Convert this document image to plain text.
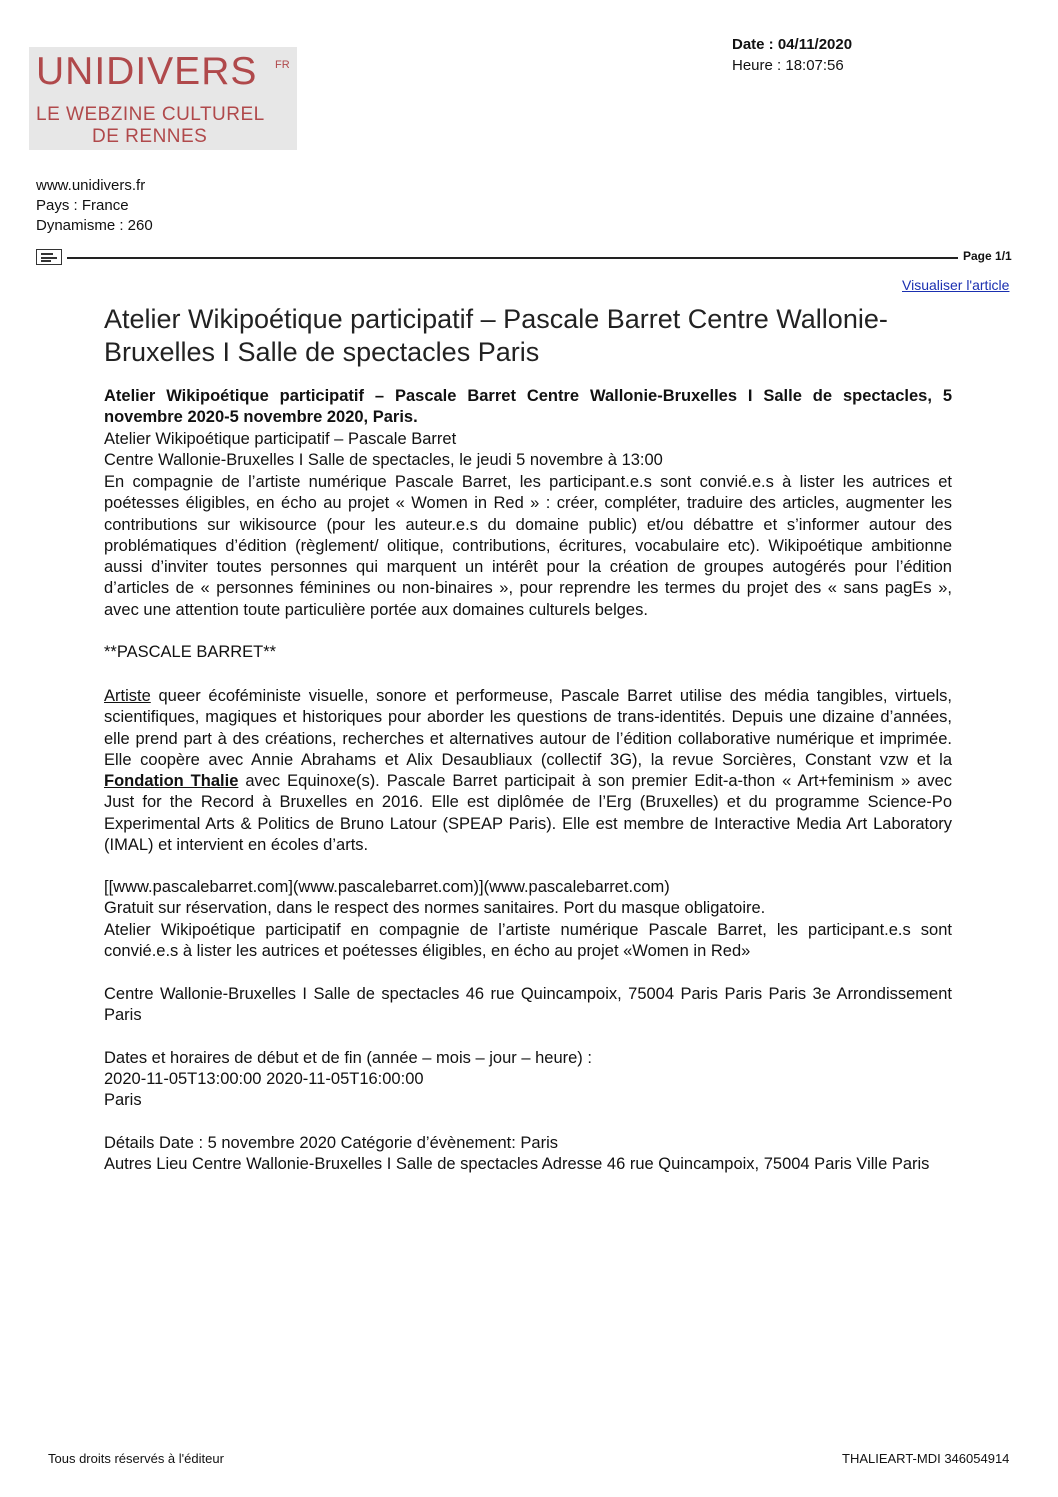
UNIDIVERS FR
LE WEBZINE CULTUREL
DE RENNES
Date : 04/11/2020
Heure : 18:07:56
www.unidivers.fr
Pays : France
Dynamisme : 260
Page 1/1
Visualiser l'article
Atelier Wikipoétique participatif – Pascale Barret Centre Wallonie-Bruxelles I Salle de spectacles Paris
Atelier Wikipoétique participatif – Pascale Barret Centre Wallonie-Bruxelles I Salle de spectacles, 5 novembre 2020-5 novembre 2020, Paris.
Atelier Wikipoétique participatif – Pascale Barret
Centre Wallonie-Bruxelles I Salle de spectacles, le jeudi 5 novembre à 13:00
En compagnie de l’artiste numérique Pascale Barret, les participant.e.s sont convié.e.s à lister les autrices et poétesses éligibles, en écho au projet « Women in Red » : créer, compléter, traduire des articles, augmenter les contributions sur wikisource (pour les auteur.e.s du domaine public) et/ou débattre et s’informer autour des problématiques d’édition (règlement/ olitique, contributions, écritures, vocabulaire etc). Wikipoétique ambitionne aussi d’inviter toutes personnes qui marquent un intérêt pour la création de groupes autogérés pour l’édition d’articles de « personnes féminines ou non-binaires », pour reprendre les termes du projet des « sans pagEs », avec une attention toute particulière portée aux domaines culturels belges.
**PASCALE BARRET**
Artiste queer écoféministe visuelle, sonore et performeuse, Pascale Barret utilise des média tangibles, virtuels, scientifiques, magiques et historiques pour aborder les questions de trans-identités. Depuis une dizaine d’années, elle prend part à des créations, recherches et alternatives autour de l’édition collaborative numérique et imprimée. Elle coopère avec Annie Abrahams et Alix Desaubliaux (collectif 3G), la revue Sorcières, Constant vzw et la Fondation Thalie avec Equinoxe(s). Pascale Barret participait à son premier Edit-a-thon « Art+feminism » avec Just for the Record à Bruxelles en 2016. Elle est diplômée de l’Erg (Bruxelles) et du programme Science-Po Experimental Arts & Politics de Bruno Latour (SPEAP Paris). Elle est membre de Interactive Media Art Laboratory (IMAL) et intervient en écoles d’arts.
[[www.pascalebarret.com](www.pascalebarret.com)](www.pascalebarret.com)
Gratuit sur réservation, dans le respect des normes sanitaires. Port du masque obligatoire.
Atelier Wikipoétique participatif en compagnie de l’artiste numérique Pascale Barret, les participant.e.s sont convié.e.s à lister les autrices et poétesses éligibles, en écho au projet «Women in Red»
Centre Wallonie-Bruxelles I Salle de spectacles 46 rue Quincampoix, 75004 Paris Paris Paris 3e Arrondissement Paris
Dates et horaires de début et de fin (année – mois – jour – heure) :
2020-11-05T13:00:00 2020-11-05T16:00:00
Paris
Détails Date : 5 novembre 2020 Catégorie d’évènement: Paris
Autres Lieu Centre Wallonie-Bruxelles I Salle de spectacles Adresse 46 rue Quincampoix, 75004 Paris Ville Paris
Tous droits réservés à l'éditeur	THALIEART-MDI 346054914
